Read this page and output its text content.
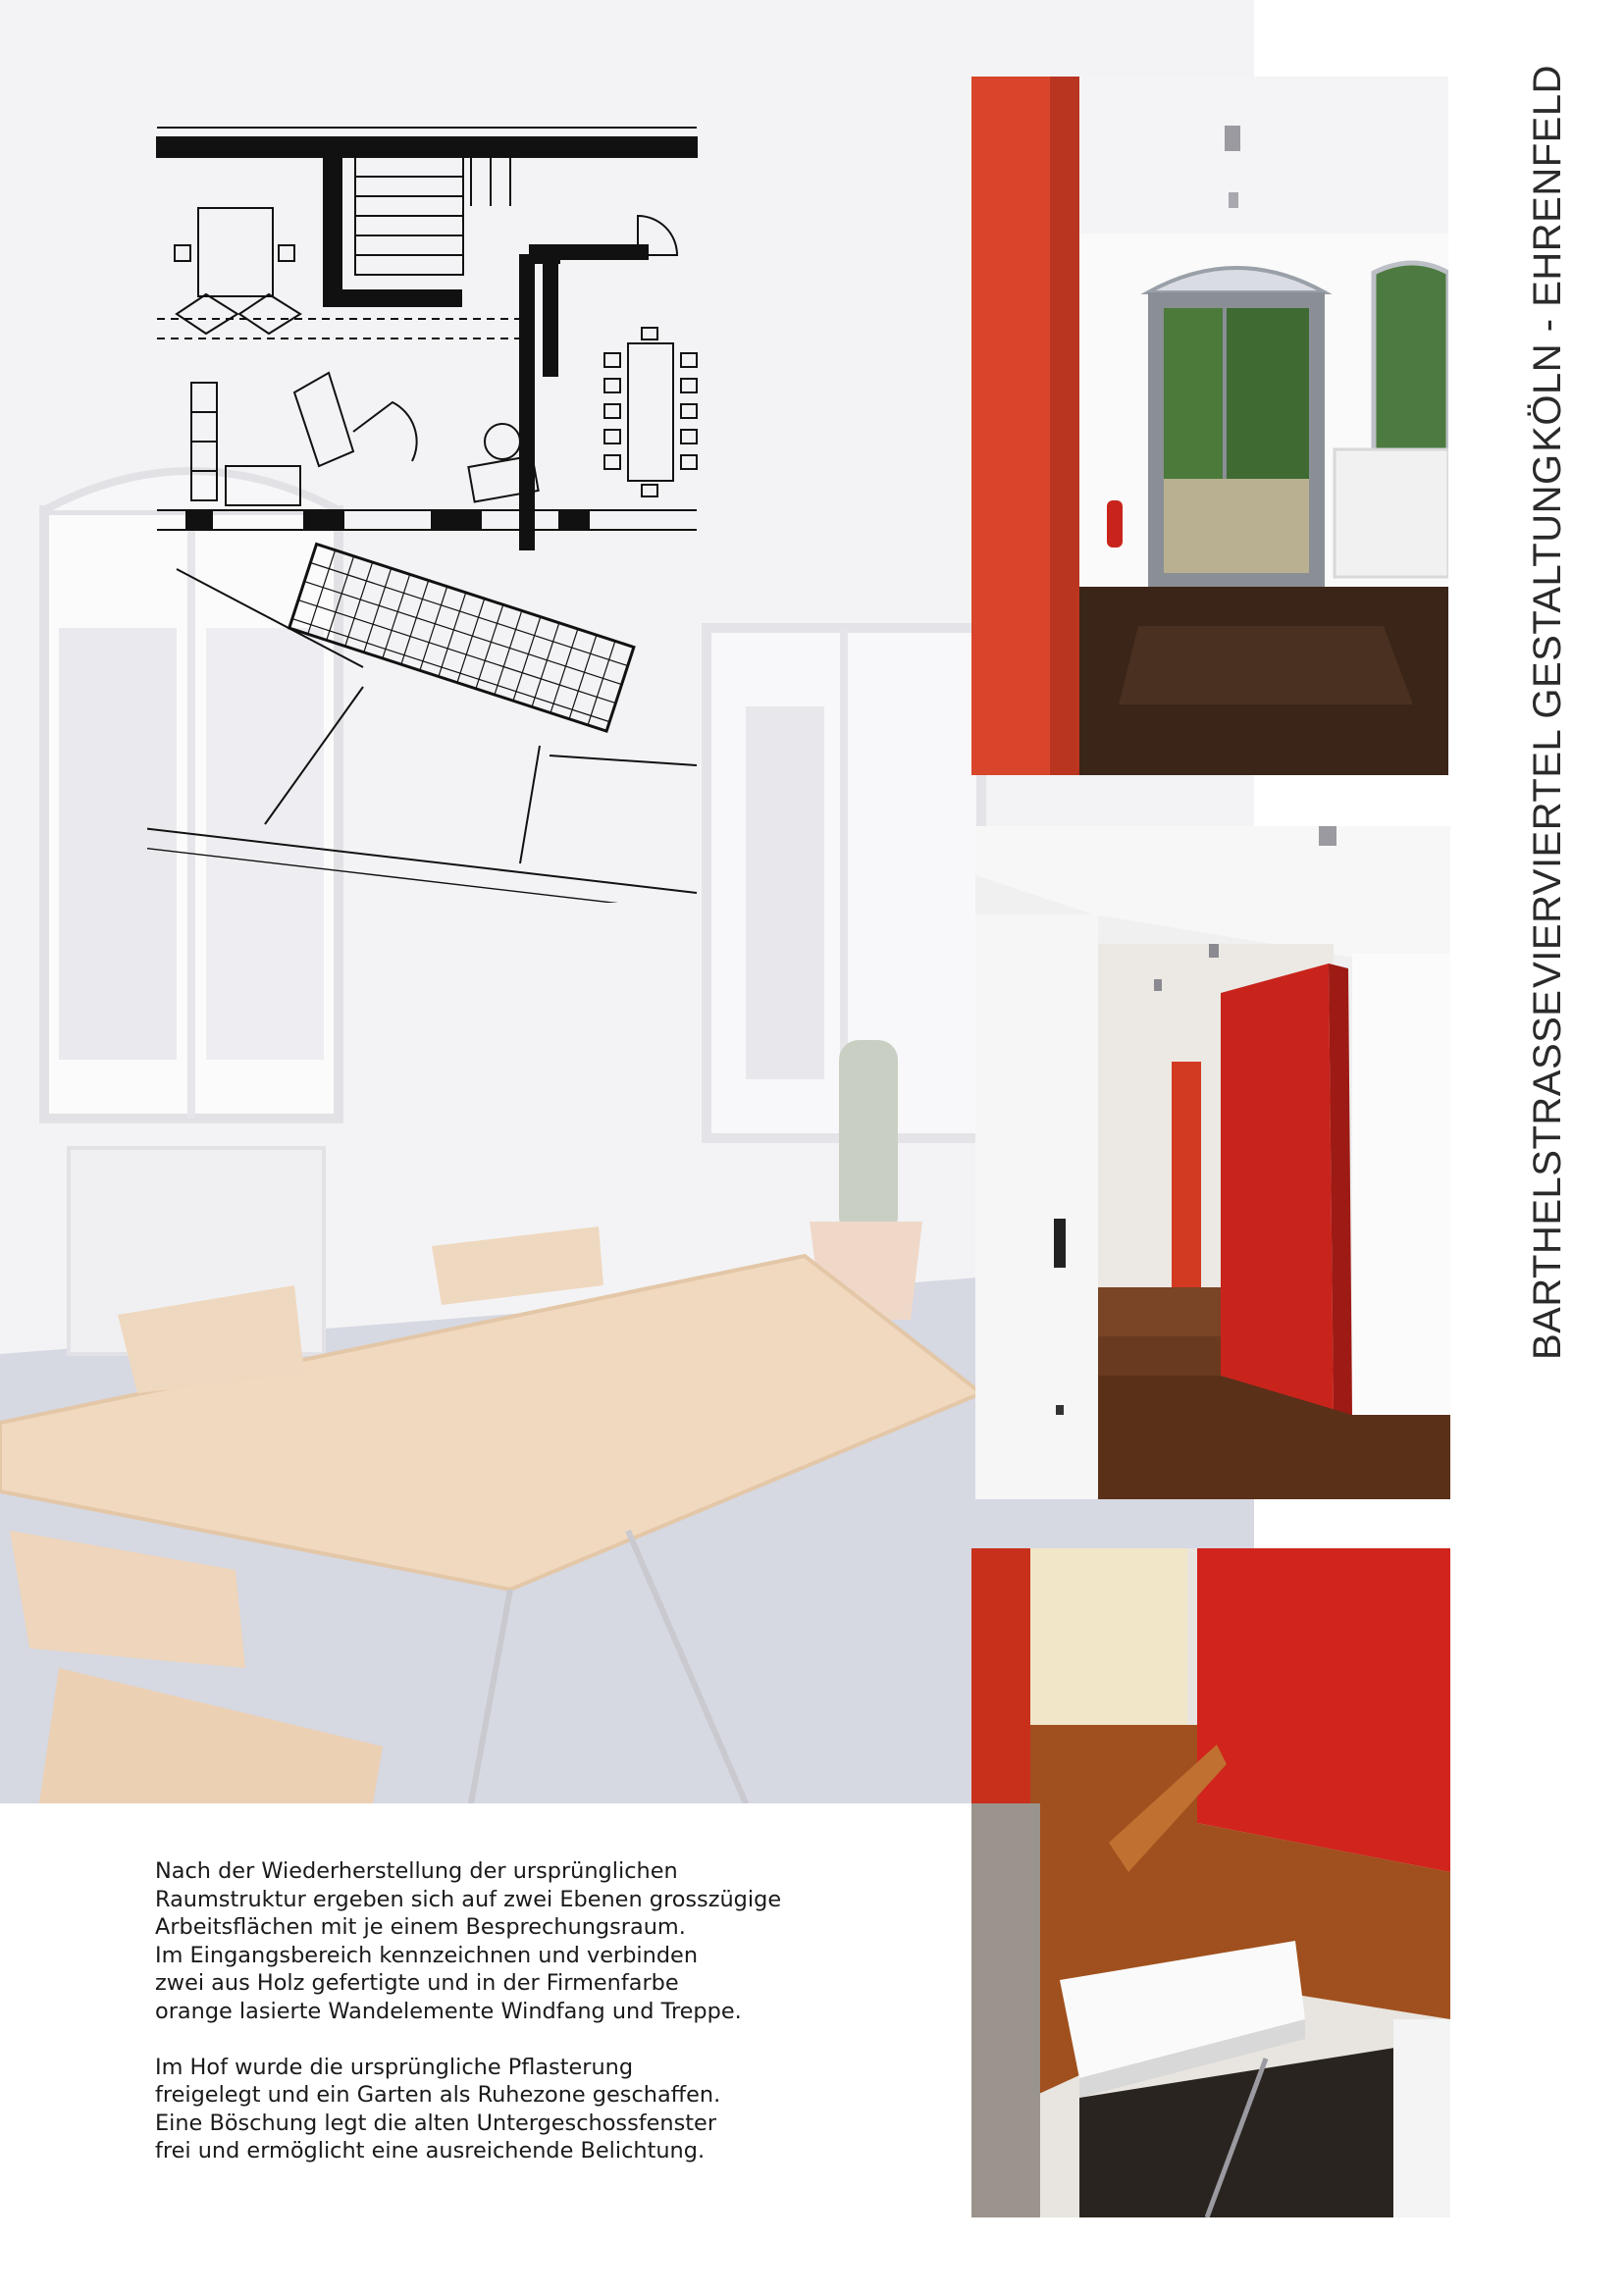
BARTHELSTRASSE
VIERVIERTEL GESTALTUNG
KÖLN - EHRENFELD

Nach der Wiederherstellung der ursprünglichen
Raumstruktur ergeben sich auf zwei Ebenen grosszügige
Arbeitsflächen mit je einem Besprechungsraum.
Im Eingangsbereich kennzeichnen und verbinden
zwei aus Holz gefertigte und in der Firmenfarbe
orange lasierte Wandelemente Windfang und Treppe.

Im Hof wurde die ursprüngliche Pflasterung
freigelegt und ein Garten als Ruhezone geschaffen.
Eine Böschung legt die alten Untergeschossfenster
frei und ermöglicht eine ausreichende Belichtung.
